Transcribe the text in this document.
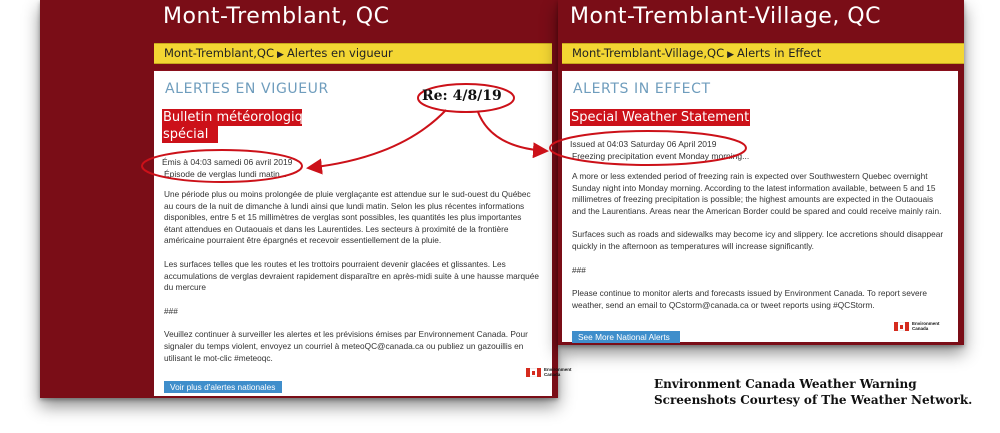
Mont-Tremblant, QC
Mont-Tremblant,QC ▶ Alertes en vigueur
ALERTES EN VIGUEUR
Bulletin météorologique
spécial
Émis à 04:03 samedi 06 avril 2019
Épisode de verglas lundi matin...

Une période plus ou moins prolongée de pluie verglaçante est attendue sur le sud-ouest du Québec au cours de la nuit de dimanche à lundi ainsi que lundi matin. Selon les plus récentes informations disponibles, entre 5 et 15 millimètres de verglas sont possibles, les quantités les plus importantes étant attendues en Outaouais et dans les Laurentides. Les secteurs à proximité de la frontière américaine pourraient être épargnés et recevoir essentiellement de la pluie.

Les surfaces telles que les routes et les trottoirs pourraient devenir glacées et glissantes. Les accumulations de verglas devraient rapidement disparaître en après-midi suite à une hausse marquée du mercure

###

Veuillez continuer à surveiller les alertes et les prévisions émises par Environnement Canada. Pour signaler du temps violent, envoyez un courriel à meteoQC@canada.ca ou publiez un gazouillis en utilisant le mot-clic #meteoqc.

Environment
Canada
Voir plus d'alertes nationales
Mont-Tremblant-Village, QC
Mont-Tremblant-Village,QC ▶ Alerts in Effect
ALERTS IN EFFECT
Special Weather Statement
Issued at 04:03 Saturday 06 April 2019
Freezing precipitation event Monday morning...

A more or less extended period of freezing rain is expected over Southwestern Quebec overnight Sunday night into Monday morning. According to the latest information available, between 5 and 15 millimetres of freezing precipitation is possible; the highest amounts are expected in the Outaouais and the Laurentians. Areas near the American Border could be spared and could receive mainly rain.

Surfaces such as roads and sidewalks may become icy and slippery. Ice accretions should disappear quickly in the afternoon as temperatures will increase significantly.

###

Please continue to monitor alerts and forecasts issued by Environment Canada. To report severe weather, send an email to QCstorm@canada.ca or tweet reports using #QCStorm.

Environment
Canada
See More National Alerts
Re: 4/8/19
Environment Canada Weather Warning
Screenshots Courtesy of The Weather Network.
